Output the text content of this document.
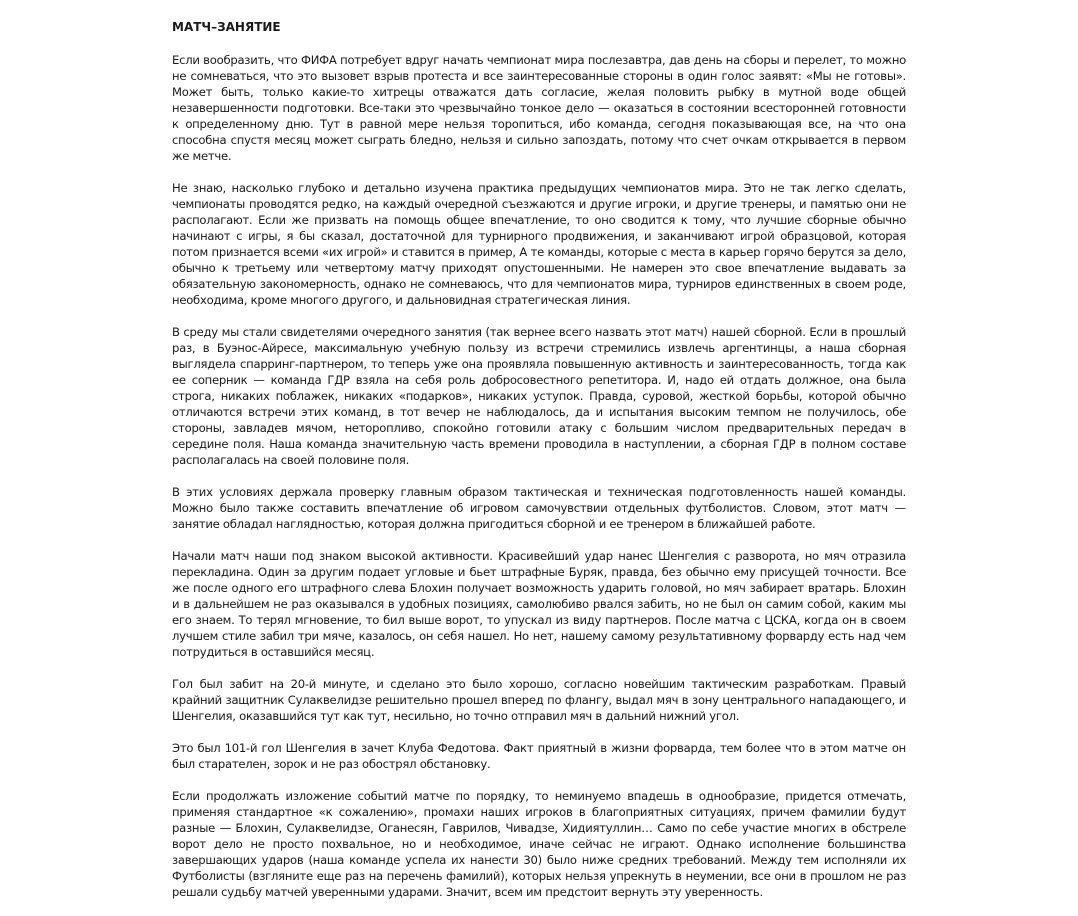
МАТЧ–ЗАНЯТИЕ

Если вообразить, что ФИФА потребует вдруг начать чемпионат мира послезавтра, дав день на сборы и перелет, то можно не сомневаться, что это вызовет взрыв протеста и все заинтересованные стороны в один голос заявят: «Мы не готовы». Может быть, только какие-то хитрецы отважатся дать согласие, желая половить рыбку в мутной воде общей незавершенности подготовки. Все-таки это чрезвычайно тонкое дело — оказаться в состоянии всесторонней готовности к определенному дню. Тут в равной мере нельзя торопиться, ибо команда, сегодня показывающая все, на что она способна спустя месяц может сыграть бледно, нельзя и сильно запоздать, потому что счет очкам открывается в первом же метче.

Не знаю, насколько глубоко и детально изучена практика предыдущих чемпионатов мира. Это не так легко сделать, чемпионаты проводятся редко, на каждый очередной съезжаются и другие игроки, и другие тренеры, и памятью они не располагают. Если же призвать на помощь общее впечатление, то оно сводится к тому, что лучшие сборные обычно начинают с игры, я бы сказал, достаточной для турнирного продвижения, и заканчивают игрой образцовой, которая потом признается всеми «их игрой» и ставится в пример, А те команды, которые с места в карьер горячо берутся за дело, обычно к третьему или четвертому матчу приходят опустошенными. Не намерен это свое впечатление выдавать за обязательную закономерность, однако не сомневаюсь, что для чемпионатов мира, турниров единственных в своем роде, необходима, кроме многого другого, и дальновидная стратегическая линия.

В среду мы стали свидетелями очередного занятия (так вернее всего назвать этот матч) нашей сборной. Если в прошлый раз, в Буэнос-Айресе, максимальную учебную пользу из встречи стремились извлечь аргентинцы, а наша сборная выглядела спарринг-партнером, то теперь уже она проявляла повышенную активность и заинтересованность, тогда как ее соперник — команда ГДР взяла на себя роль добросовестного репетитора. И, надо ей отдать должное, она была строга, никаких поблажек, никаких «подарков», никаких уступок. Правда, суровой, жесткой борьбы, которой обычно отличаются встречи этих команд, в тот вечер не наблюдалось, да и испытания высоким темпом не получилось, обе стороны, завладев мячом, неторопливо, спокойно готовили атаку с большим числом предварительных передач в середине поля. Наша команда значительную часть времени проводила в наступлении, а сборная ГДР в полном составе располагалась на своей половине поля.

В этих условиях держала проверку главным образом тактическая и техническая подготовленность нашей команды. Можно было также составить впечатление об игровом самочувствии отдельных футболистов. Словом, этот матч — занятие обладал наглядностью, которая должна пригодиться сборной и ее тренером в ближайшей работе.

Начали матч наши под знаком высокой активности. Красивейший удар нанес Шенгелия с разворота, но мяч отразила перекладина. Один за другим подает угловые и бьет штрафные Буряк, правда, без обычно ему присущей точности. Все же после одного его штрафного слева Блохин получает возможность ударить головой, но мяч забирает вратарь. Блохин и в дальнейшем не раз оказывался в удобных позициях, самолюбиво рвался забить, но не был он самим собой, каким мы его знаем. То терял мгновение, то бил выше ворот, то упускал из виду партнеров. После матча с ЦСКА, когда он в своем лучшем стиле забил три мяче, казалось, он себя нашел. Но нет, нашему самому результативному форварду есть над чем потрудиться в оставшийся месяц.

Гол был забит на 20-й минуте, и сделано это было хорошо, согласно новейшим тактическим разработкам. Правый крайний защитник Сулаквелидзе решительно прошел вперед по флангу, выдал мяч в зону центрального нападающего, и Шенгелия, оказавшийся тут как тут, несильно, но точно отправил мяч в дальний нижний угол.

Это был 101-й гол Шенгелия в зачет Клуба Федотова. Факт приятный в жизни форварда, тем более что в этом матче он был старателен, зорок и не раз обострял обстановку.

Если продолжать изложение событий матче по порядку, то неминуемо впадешь в однообразие, придется отмечать, применяя стандартное «к сожалению», промахи наших игроков в благоприятных ситуациях, причем фамилии будут разные — Блохин, Сулаквелидзе, Оганесян, Гаврилов, Чивадзе, Хидиятуллин… Само по себе участие многих в обстреле ворот дело не просто похвальное, но и необходимое, иначе сейчас не играют. Однако исполнение большинства завершающих ударов (наша команде успела их нанести 30) было ниже средних требований. Между тем исполняли их Футболисты (взгляните еще раз на перечень фамилий), которых нельзя упрекнуть в неумении, все они в прошлом не раз решали судьбу матчей уверенными ударами. Значит, всем им предстоит вернуть эту уверенность.
